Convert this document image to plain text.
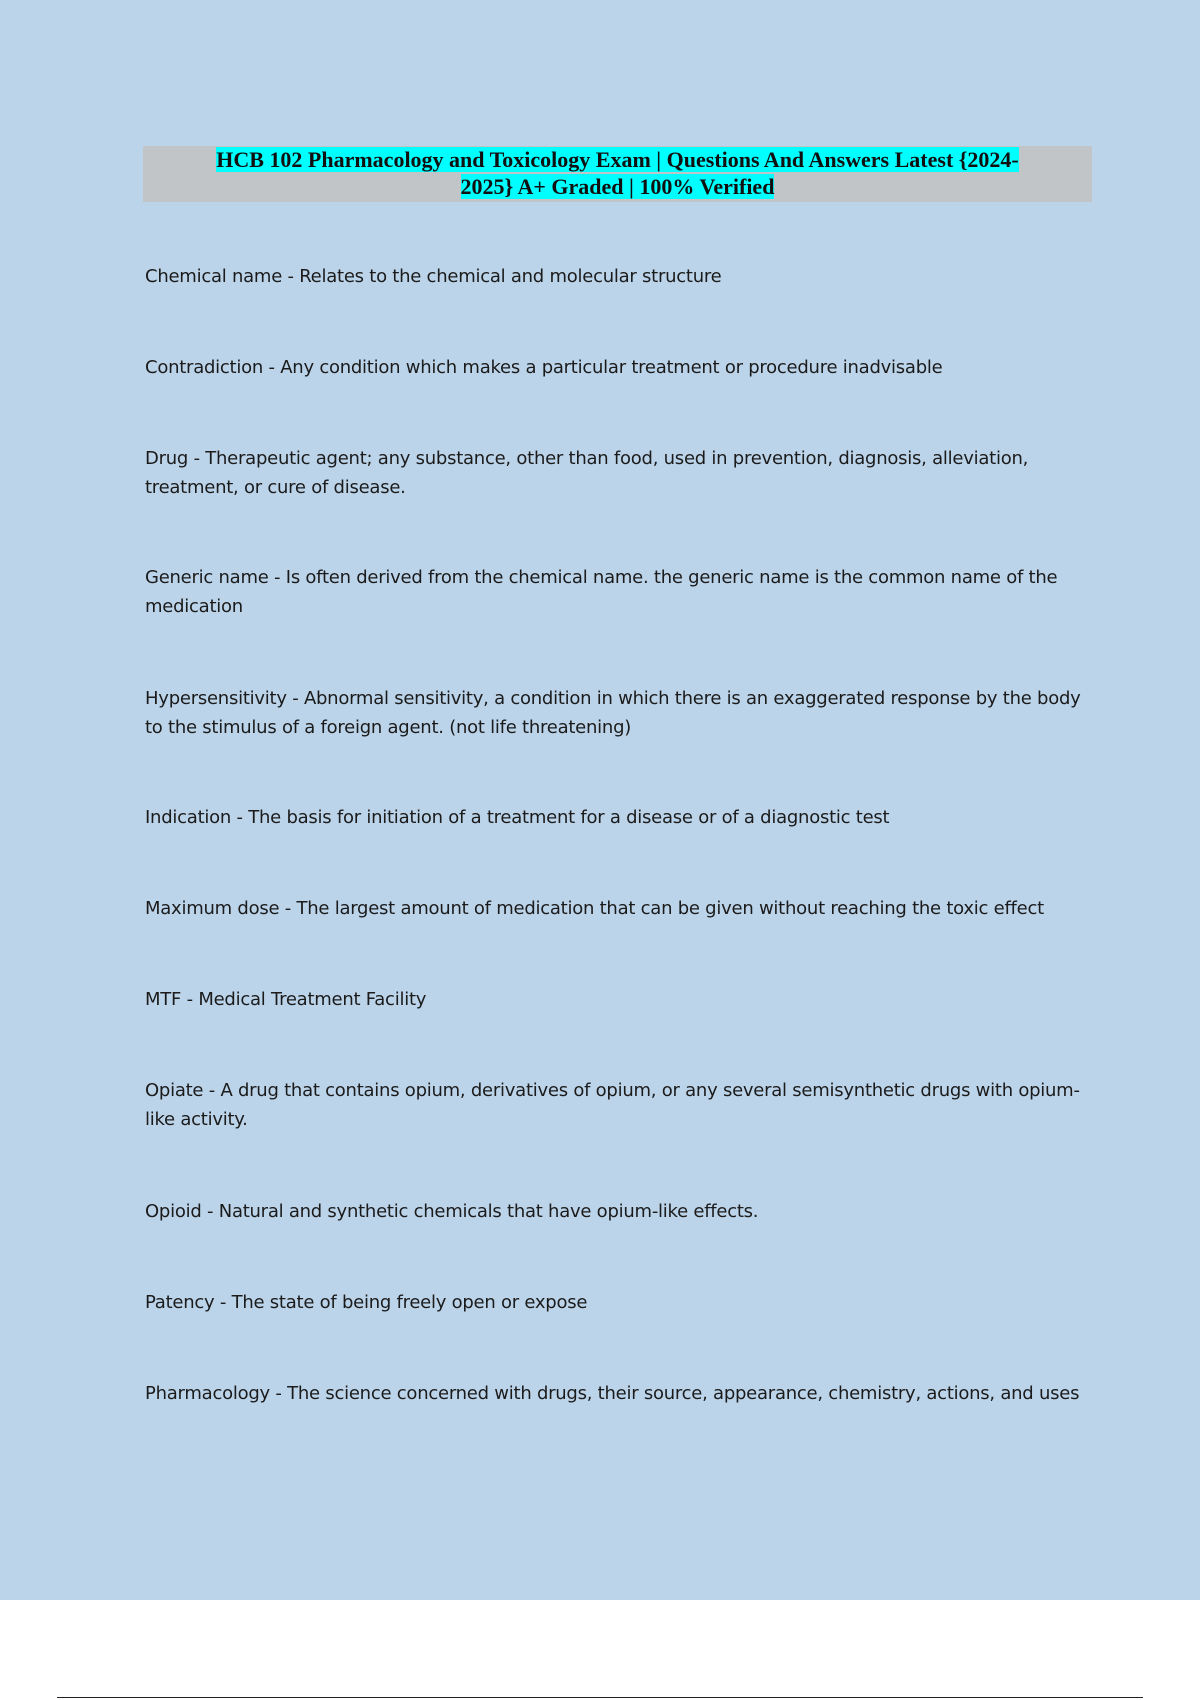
HCB 102 Pharmacology and Toxicology Exam | Questions And Answers Latest {2024-
2025} A+ Graded | 100% Verified

Chemical name - Relates to the chemical and molecular structure

Contradiction - Any condition which makes a particular treatment or procedure inadvisable

Drug - Therapeutic agent; any substance, other than food, used in prevention, diagnosis, alleviation, treatment, or cure of disease.

Generic name - Is often derived from the chemical name. the generic name is the common name of the medication

Hypersensitivity - Abnormal sensitivity, a condition in which there is an exaggerated response by the body to the stimulus of a foreign agent. (not life threatening)

Indication - The basis for initiation of a treatment for a disease or of a diagnostic test

Maximum dose - The largest amount of medication that can be given without reaching the toxic effect

MTF - Medical Treatment Facility

Opiate - A drug that contains opium, derivatives of opium, or any several semisynthetic drugs with opium-like activity.

Opioid - Natural and synthetic chemicals that have opium-like effects.

Patency - The state of being freely open or expose

Pharmacology - The science concerned with drugs, their source, appearance, chemistry, actions, and uses
